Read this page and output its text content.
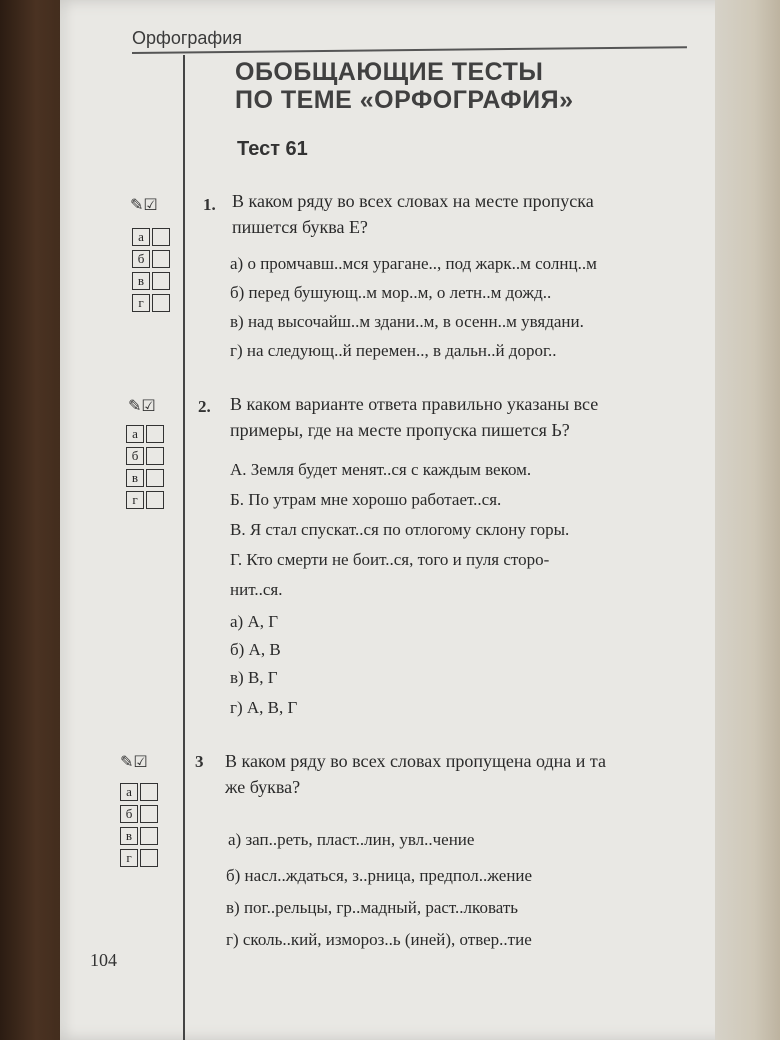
Орфография
ОБОБЩАЮЩИЕ ТЕСТЫ
ПО ТЕМЕ «ОРФОГРАФИЯ»
Тест 61
✎☑
а
б
в
г
1. В каком ряду во всех словах на месте пропуска
пишется буква Е?
а) о промчавш..мся урагане.., под жарк..м солнц..м
б) перед бушующ..м мор..м, о летн..м дожд..
в) над высочайш..м здани..м, в осенн..м увядани.
г) на следующ..й перемен.., в дальн..й дорог..
✎☑
а
б
в
г
2. В каком варианте ответа правильно указаны все
примеры, где на месте пропуска пишется Ь?
А. Земля будет менят..ся с каждым веком.
Б. По утрам мне хорошо работает..ся.
В. Я стал спускат..ся по отлогому склону горы.
Г. Кто смерти не боит..ся, того и пуля сторо-
нит..ся.
а) А, Г
б) А, В
в) В, Г
г) А, В, Г
✎☑
а
б
в
г
3 В каком ряду во всех словах пропущена одна и та
же буква?
а) зап..реть, пласт..лин, увл..чение
б) насл..ждаться, з..рница, предпол..жение
в) пог..рельцы, гр..мадный, раст..лковать
г) сколь..кий, измороз..ь (иней), отвер..тие
104
